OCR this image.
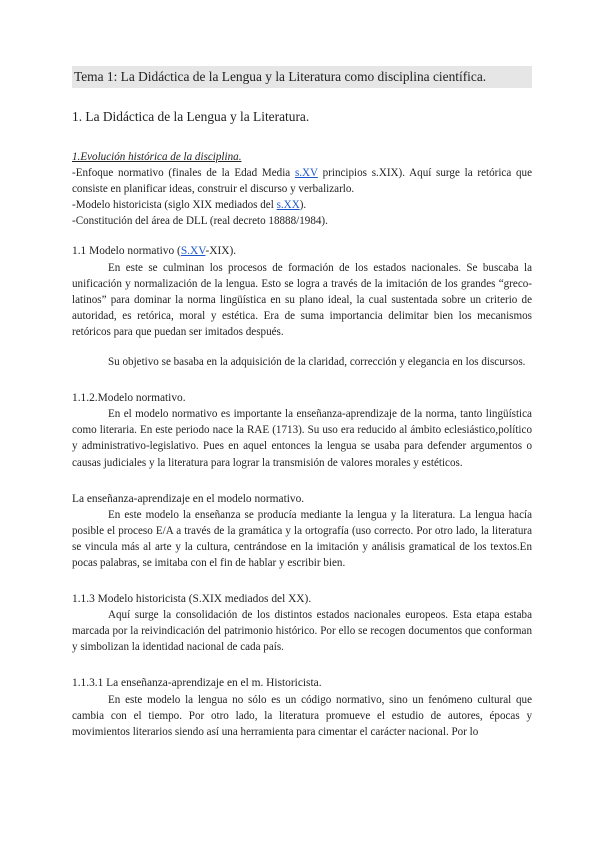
Tema 1: La Didáctica de la Lengua y la Literatura como disciplina científica.
1. La Didáctica de la Lengua y la Literatura.

1.Evolución histórica de la disciplina.

-Enfoque normativo (finales de la Edad Media s.XV principios s.XIX). Aquí surge la retórica que consiste en planificar ideas, construir el discurso y verbalizarlo.

-Modelo historicista (siglo XIX mediados del s.XX).

-Constitución del área de DLL (real decreto 18888/1984).

1.1 Modelo normativo (S.XV-XIX).

En este se culminan los procesos de formación de los estados nacionales. Se buscaba la unificación y normalización de la lengua. Esto se logra a través de la imitación de los grandes “greco-latinos” para dominar la norma lingüística en su plano ideal, la cual sustentada sobre un criterio de autoridad, es retórica, moral y estética. Era de suma importancia delimitar bien los mecanismos retóricos para que puedan ser imitados después.

Su objetivo se basaba en la adquisición de la claridad, corrección y elegancia en los discursos.

1.1.2.Modelo normativo.

En el modelo normativo es importante la enseñanza-aprendizaje de la norma, tanto lingüística como literaria. En este periodo nace la RAE (1713). Su uso era reducido al ámbito eclesiástico,político y administrativo-legislativo. Pues en aquel entonces la lengua se usaba para defender argumentos o causas judiciales y la literatura para lograr la transmisión de valores morales y estéticos.

La enseñanza-aprendizaje en el modelo normativo.

En este modelo la enseñanza se producía mediante la lengua y la literatura. La lengua hacía posible el proceso E/A a través de la gramática y la ortografía (uso correcto. Por otro lado, la literatura se vincula más al arte y la cultura, centrándose en la imitación y análisis gramatical de los textos.En pocas palabras, se imitaba con el fin de hablar y escribir bien.

1.1.3 Modelo historicista (S.XIX mediados del XX).

Aquí surge la consolidación de los distintos estados nacionales europeos. Esta etapa estaba marcada por la reivindicación del patrimonio histórico. Por ello se recogen documentos que conforman y simbolizan la identidad nacional de cada país.

1.1.3.1 La enseñanza-aprendizaje en el m. Historicista.

En este modelo la lengua no sólo es un código normativo, sino un fenómeno cultural que cambia con el tiempo. Por otro lado, la literatura promueve el estudio de autores, épocas y movimientos literarios siendo así una herramienta para cimentar el carácter nacional. Por lo
